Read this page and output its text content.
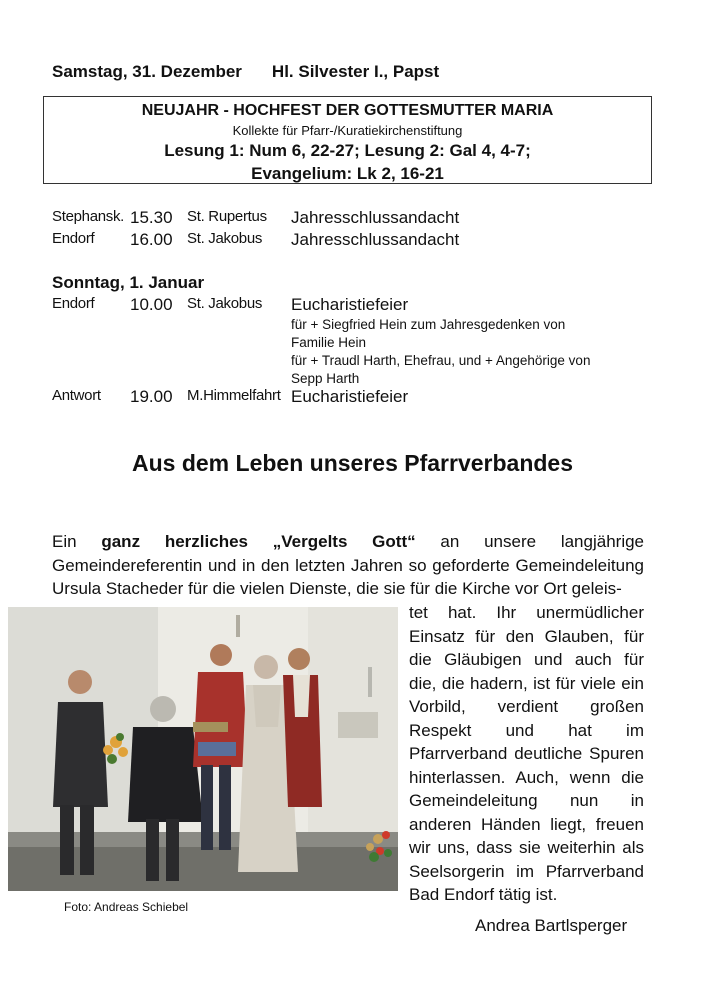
Samstag, 31. Dezember Hl. Silvester I., Papst
NEUJAHR - HOCHFEST DER GOTTESMUTTER MARIA
Kollekte für Pfarr-/Kuratiekirchenstiftung
Lesung 1: Num 6, 22-27; Lesung 2: Gal 4, 4-7;
Evangelium: Lk 2, 16-21
Stephansk. 15.30 St. Rupertus Jahresschlussandacht
Endorf 16.00 St. Jakobus Jahresschlussandacht
Sonntag, 1. Januar
Endorf 10.00 St. Jakobus Eucharistiefeier
für + Siegfried Hein zum Jahresgedenken von
Familie Hein
für + Traudl Harth, Ehefrau, und + Angehörige von
Sepp Harth
Antwort 19.00 M.Himmelfahrt Eucharistiefeier
Aus dem Leben unseres Pfarrverbandes
Ein ganz herzliches „Vergelts Gott“ an unsere langjährige Gemeindereferentin und in den letzten Jahren so geforderte Gemeindeleitung Ursula Stacheder für die vielen Dienste, die sie für die Kirche vor Ort geleis-
tet hat. Ihr unermüdlicher Einsatz für den Glauben, für die Gläubigen und auch für die, die hadern, ist für viele ein Vorbild, verdient großen Respekt und hat im Pfarrverband deutliche Spuren hinterlassen. Auch, wenn die Gemeindeleitung nun in anderen Händen liegt, freuen wir uns, dass sie weiterhin als Seelsorgerin im Pfarrverband Bad Endorf tätig ist.
Foto: Andreas Schiebel
Andrea Bartlsperger
